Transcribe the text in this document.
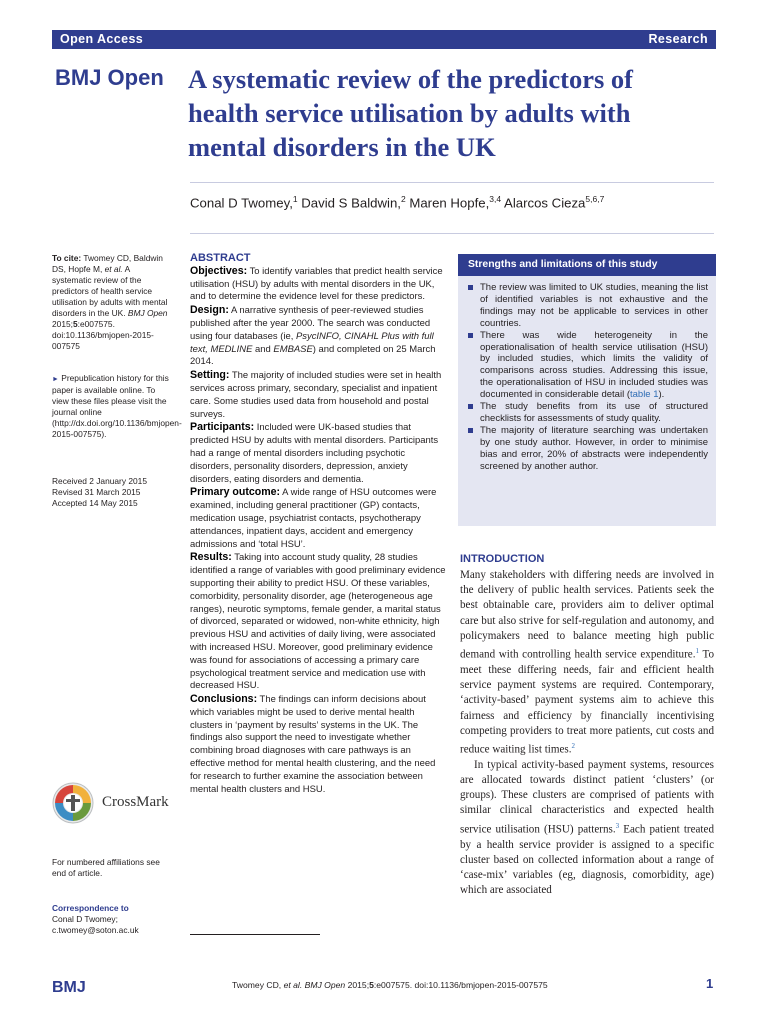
Open Access	Research
BMJ Open A systematic review of the predictors of health service utilisation by adults with mental disorders in the UK
Conal D Twomey,$^1$ David S Baldwin,$^2$ Maren Hopfe,$^{3,4}$ Alarcos Cieza$^{5,6,7}$

To cite: Twomey CD, Baldwin DS, Hopfe M, et al. A systematic review of the predictors of health service utilisation by adults with mental disorders in the UK. BMJ Open 2015;5:e007575. doi:10.1136/bmjopen-2015-007575

► Prepublication history for this paper is available online. To view these files please visit the journal online (http://dx.doi.org/10.1136/bmjopen-2015-007575).

Received 2 January 2015

Revised 31 March 2015

Accepted 14 May 2015

CrossMark

For numbered affiliations see end of article.

Correspondence to

Conal D Twomey;

c.twomey@soton.ac.uk

ABSTRACT

Objectives: To identify variables that predict health service utilisation (HSU) by adults with mental disorders in the UK, and to determine the evidence level for these predictors.

Design: A narrative synthesis of peer-reviewed studies published after the year 2000. The search was conducted using four databases (ie, PsycINFO, CINAHL Plus with full text, MEDLINE and EMBASE) and completed on 25 March 2014.

Setting: The majority of included studies were set in health services across primary, secondary, specialist and inpatient care. Some studies used data from household and postal surveys.

Participants: Included were UK-based studies that predicted HSU by adults with mental disorders. Participants had a range of mental disorders including psychotic disorders, personality disorders, depression, anxiety disorders, eating disorders and dementia.

Primary outcome: A wide range of HSU outcomes were examined, including general practitioner (GP) contacts, medication usage, psychiatrist contacts, psychotherapy attendances, inpatient days, accident and emergency admissions and ‘total HSU’.

Results: Taking into account study quality, 28 studies identified a range of variables with good preliminary evidence supporting their ability to predict HSU. Of these variables, comorbidity, personality disorder, age (heterogeneous age ranges), neurotic symptoms, female gender, a marital status of divorced, separated or widowed, non-white ethnicity, high previous HSU and activities of daily living, were associated with increased HSU. Moreover, good preliminary evidence was found for associations of accessing a primary care psychological treatment service and medication use with decreased HSU.

Conclusions: The findings can inform decisions about which variables might be used to derive mental health clusters in ‘payment by results’ systems in the UK. The findings also support the need to investigate whether combining broad diagnoses with care pathways is an effective method for mental health clustering, and the need for research to further examine the association between mental health clusters and HSU.

Strengths and limitations of this study
The review was limited to UK studies, meaning the list of identified variables is not exhaustive and the findings may not be applicable to services in other countries.
There was wide heterogeneity in the operationalisation of health service utilisation (HSU) by included studies, which limits the validity of comparisons across studies. Addressing this issue, the operationalisation of HSU in included studies was documented in considerable detail (table 1).
The study benefits from its use of structured checklists for assessments of study quality.
The majority of literature searching was undertaken by one study author. However, in order to minimise bias and error, 20% of abstracts were independently screened by another author.
INTRODUCTION

Many stakeholders with differing needs are involved in the delivery of public health services. Patients seek the best obtainable care, providers aim to deliver optimal care but also strive for self-regulation and autonomy, and policymakers need to balance meeting high public demand with controlling health service expenditure.$^1$ To meet these differing needs, fair and efficient health service payment systems are required. Contemporary, ‘activity-based’ payment systems aim to achieve this fairness and efficiency by financially incentivising competing providers to treat more patients, cut costs and reduce waiting list times.$^2$

In typical activity-based payment systems, resources are allocated towards distinct patient ‘clusters’ (or groups). These clusters are comprised of patients with similar clinical characteristics and expected health service utilisation (HSU) patterns.$^3$ Each patient treated by a health service provider is assigned to a specific cluster based on collected information about a range of ‘case-mix’ variables (eg, diagnosis, comorbidity, age) which are associated

BMJ	Twomey CD, et al. BMJ Open 2015;5:e007575. doi:10.1136/bmjopen-2015-007575	1
